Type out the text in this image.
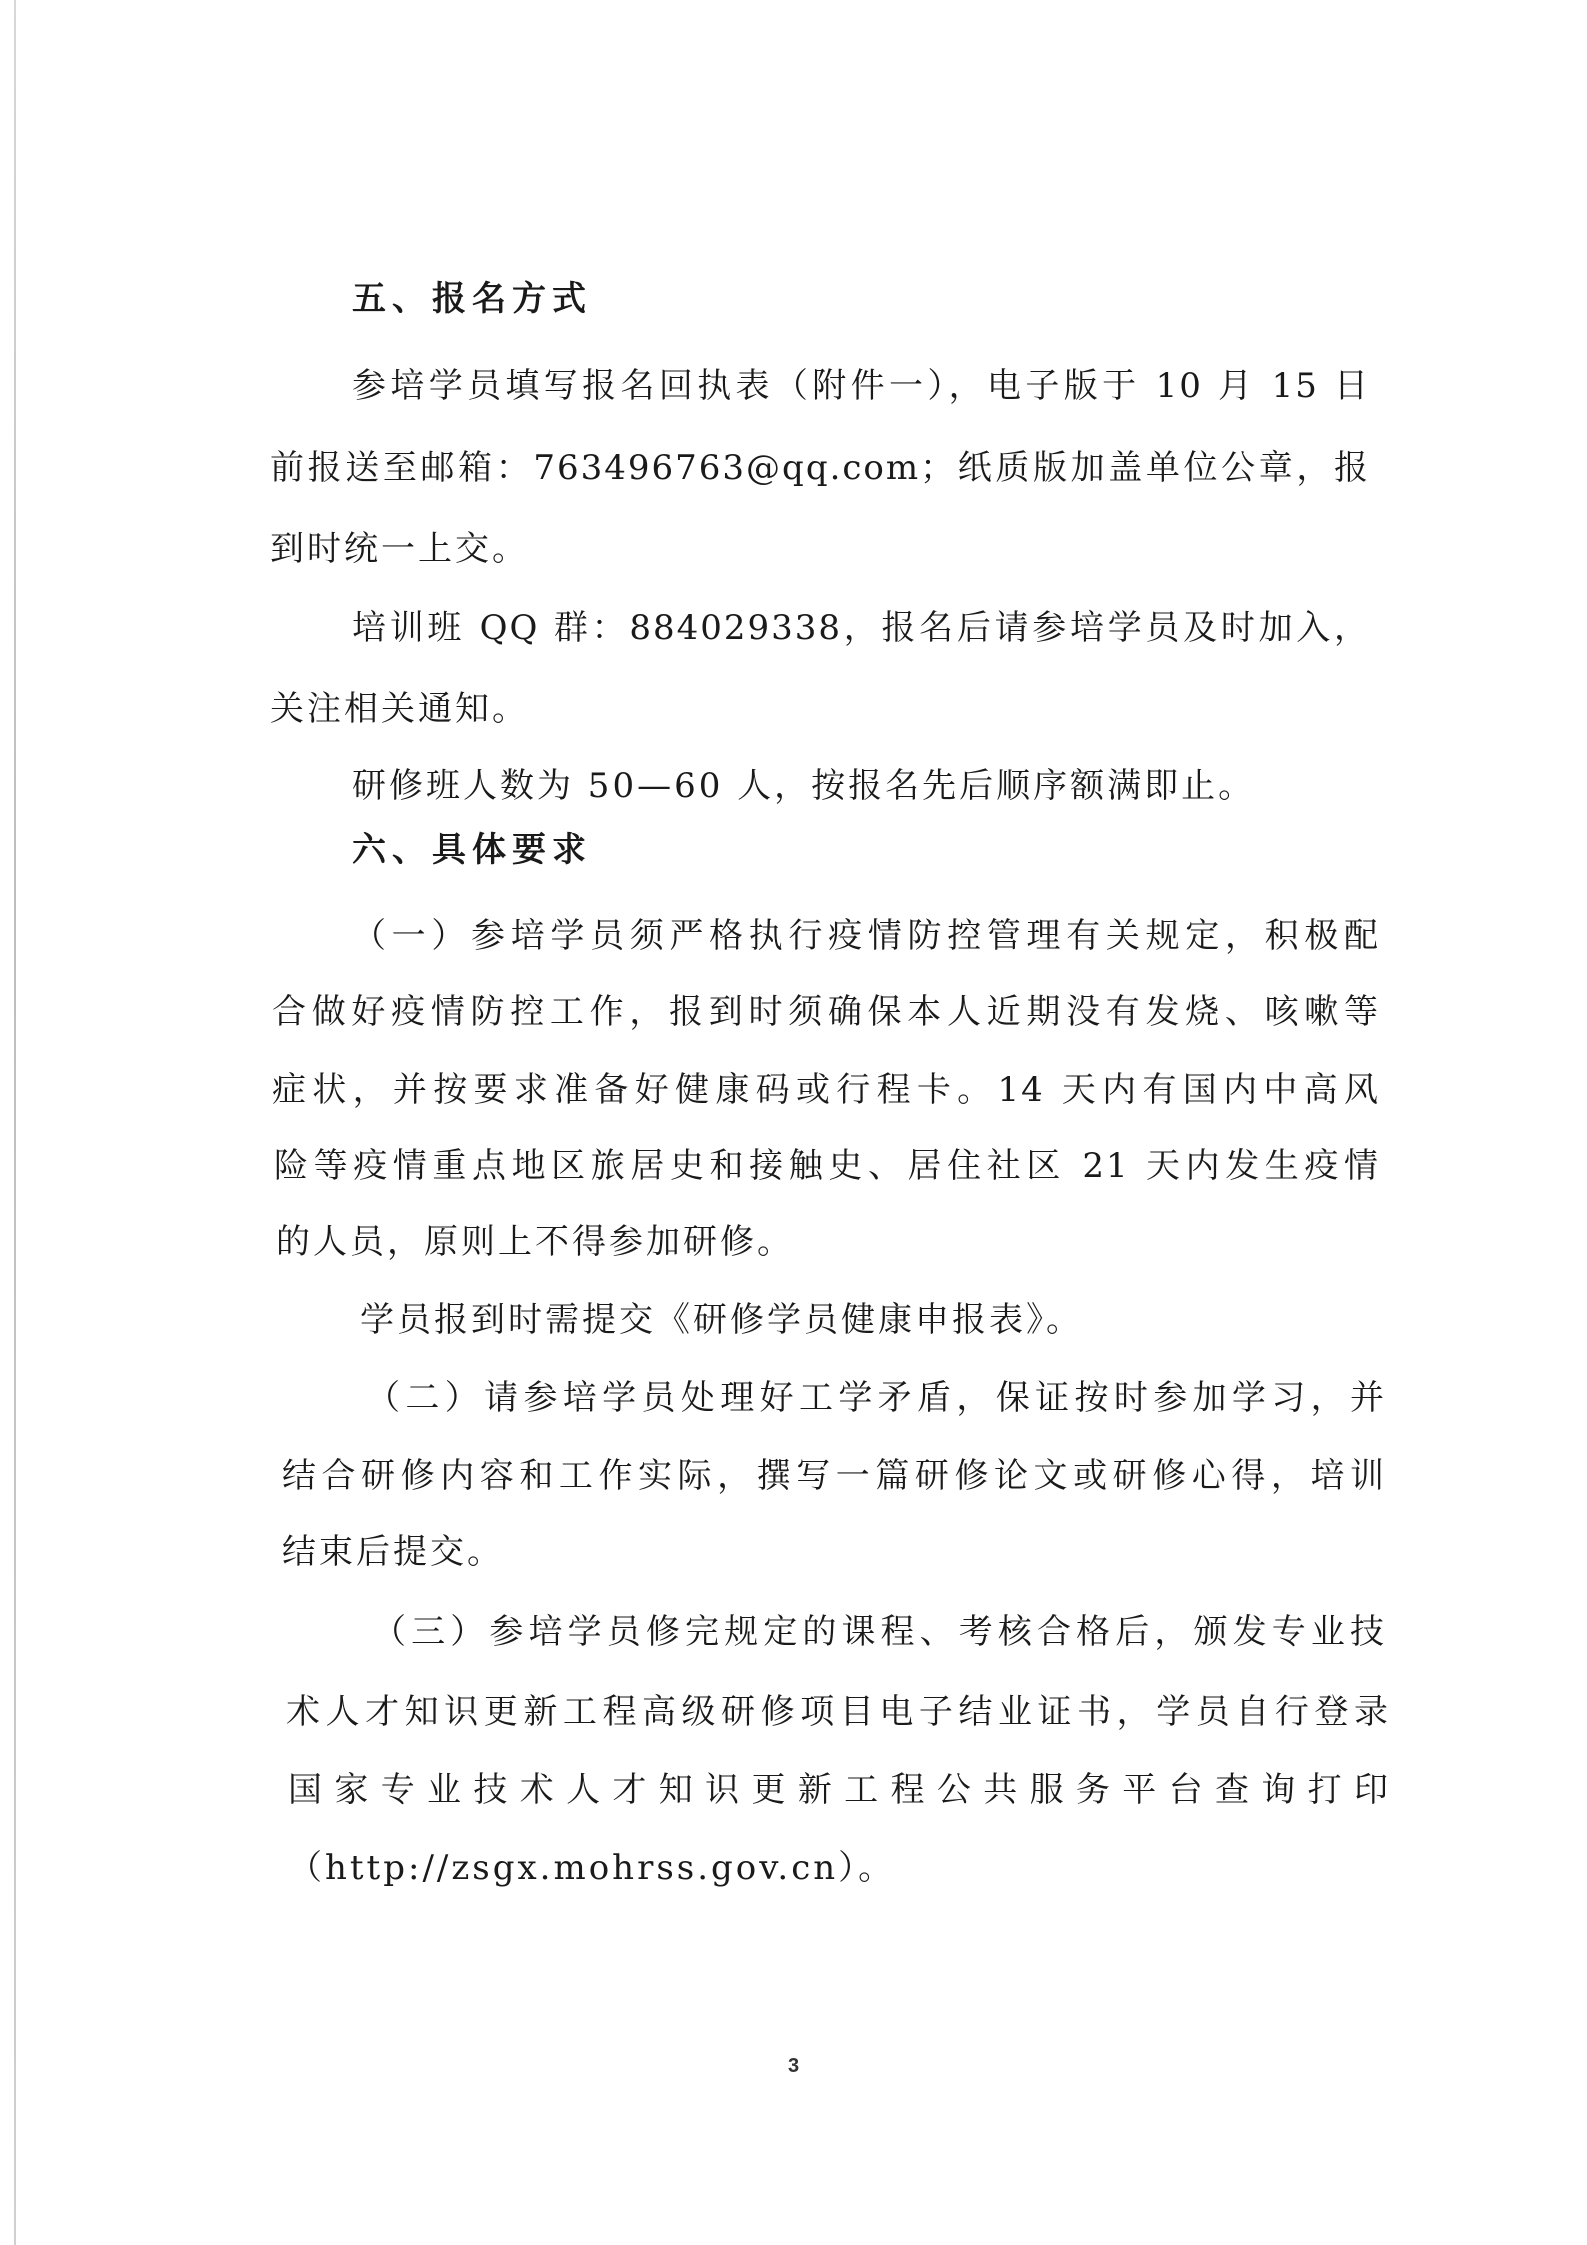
五、报名方式
参培学员填写报名回执表（附件一），电子版于 10 月 15 日
前报送至邮箱：763496763@qq.com；纸质版加盖单位公章，报
到时统一上交。
培训班 QQ 群：884029338，报名后请参培学员及时加入，
关注相关通知。
研修班人数为 50—60 人，按报名先后顺序额满即止。
六、具体要求
（一）参培学员须严格执行疫情防控管理有关规定，积极配
合做好疫情防控工作，报到时须确保本人近期没有发烧、咳嗽等
症状，并按要求准备好健康码或行程卡。14 天内有国内中高风
险等疫情重点地区旅居史和接触史、居住社区 21 天内发生疫情
的人员，原则上不得参加研修。
学员报到时需提交《研修学员健康申报表》。
（二）请参培学员处理好工学矛盾，保证按时参加学习，并
结合研修内容和工作实际，撰写一篇研修论文或研修心得，培训
结束后提交。
（三）参培学员修完规定的课程、考核合格后，颁发专业技
术人才知识更新工程高级研修项目电子结业证书，学员自行登录
国家专业技术人才知识更新工程公共服务平台查询打印
（http://zsgx.mohrss.gov.cn）。
3
